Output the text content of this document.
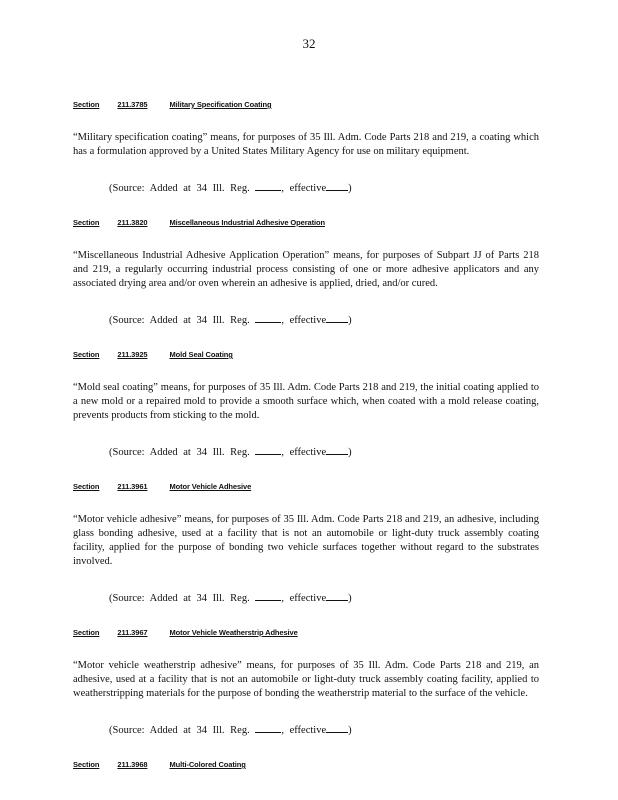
32
Section 211.3785	Military Specification Coating
“Military specification coating” means, for purposes of 35 Ill. Adm. Code Parts 218 and 219, a coating which has a formulation approved by a United States Military Agency for use on military equipment.
(Source: Added at 34 Ill. Reg.	, effective )
Section 211.3820	Miscellaneous Industrial Adhesive Operation
“Miscellaneous Industrial Adhesive Application Operation” means, for purposes of Subpart JJ of Parts 218 and 219, a regularly occurring industrial process consisting of one or more adhesive applicators and any associated drying area and/or oven wherein an adhesive is applied, dried, and/or cured.
(Source: Added at 34 Ill. Reg.	, effective )
Section 211.3925	Mold Seal Coating
“Mold seal coating” means, for purposes of 35 Ill. Adm. Code Parts 218 and 219, the initial coating applied to a new mold or a repaired mold to provide a smooth surface which, when coated with a mold release coating, prevents products from sticking to the mold.
(Source: Added at 34 Ill. Reg.	, effective )
Section 211.3961	Motor Vehicle Adhesive
“Motor vehicle adhesive” means, for purposes of 35 Ill. Adm. Code Parts 218 and 219, an adhesive, including glass bonding adhesive, used at a facility that is not an automobile or light-duty truck assembly coating facility, applied for the purpose of bonding two vehicle surfaces together without regard to the substrates involved.
(Source: Added at 34 Ill. Reg.	, effective )
Section 211.3967	Motor Vehicle Weatherstrip Adhesive
“Motor vehicle weatherstrip adhesive” means, for purposes of 35 Ill. Adm. Code Parts 218 and 219, an adhesive, used at a facility that is not an automobile or light-duty truck assembly coating facility, applied to weatherstripping materials for the purpose of bonding the weatherstrip material to the surface of the vehicle.
(Source: Added at 34 Ill. Reg.	, effective )
Section 211.3968	Multi-Colored Coating
